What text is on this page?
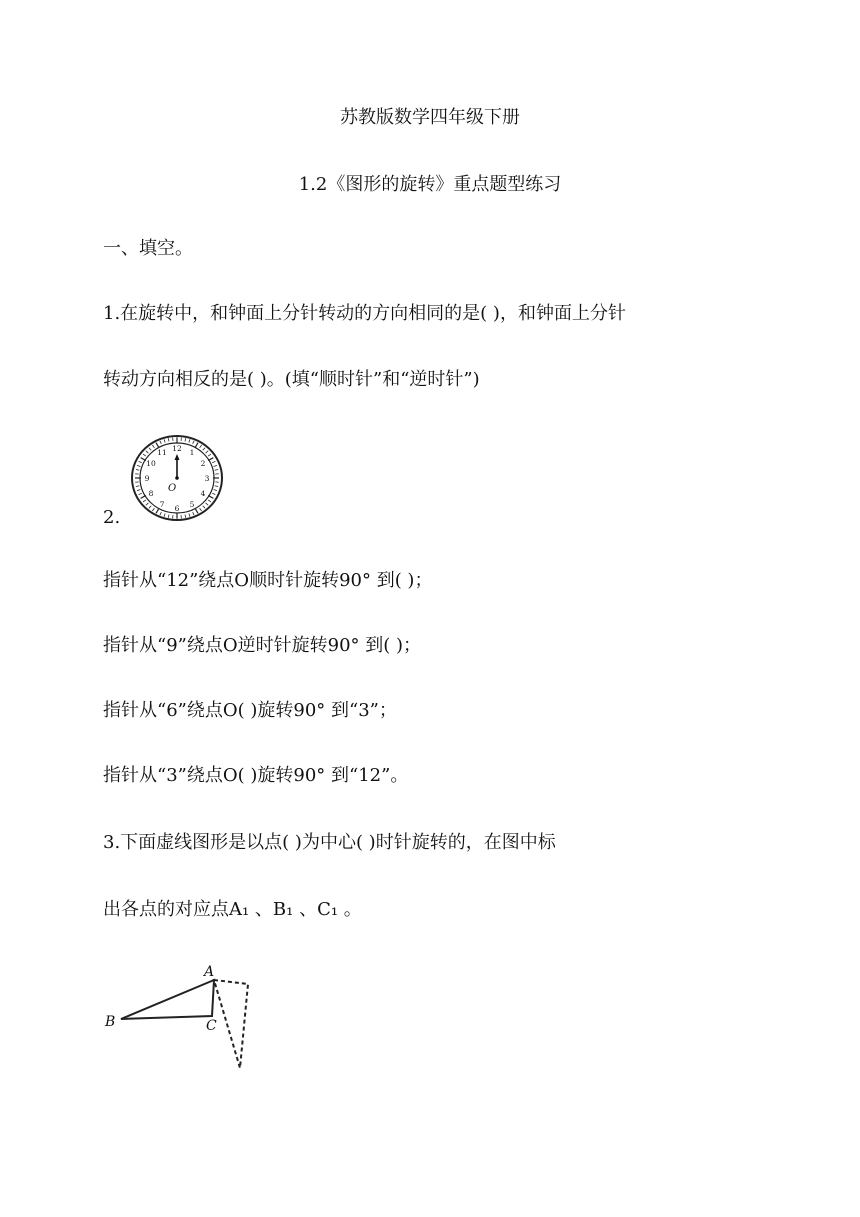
苏教版数学四年级下册
1.2《图形的旋转》重点题型练习
一、填空。
1.在旋转中，和钟面上分针转动的方向相同的是( )，和钟面上分针
转动方向相反的是( )。(填“顺时针”和“逆时针”)
12 1
2
3
4
5
6
7
8
9
10
11
O
2.
指针从“12”绕点O顺时针旋转90° 到( )；
指针从“9”绕点O逆时针旋转90° 到( )；
指针从“6”绕点O( )旋转90° 到“3”；
指针从“3”绕点O( )旋转90° 到“12”。
3.下面虚线图形是以点( )为中心( )时针旋转的，在图中标
出各点的对应点A₁ 、B₁ 、C₁ 。
A
B	C
